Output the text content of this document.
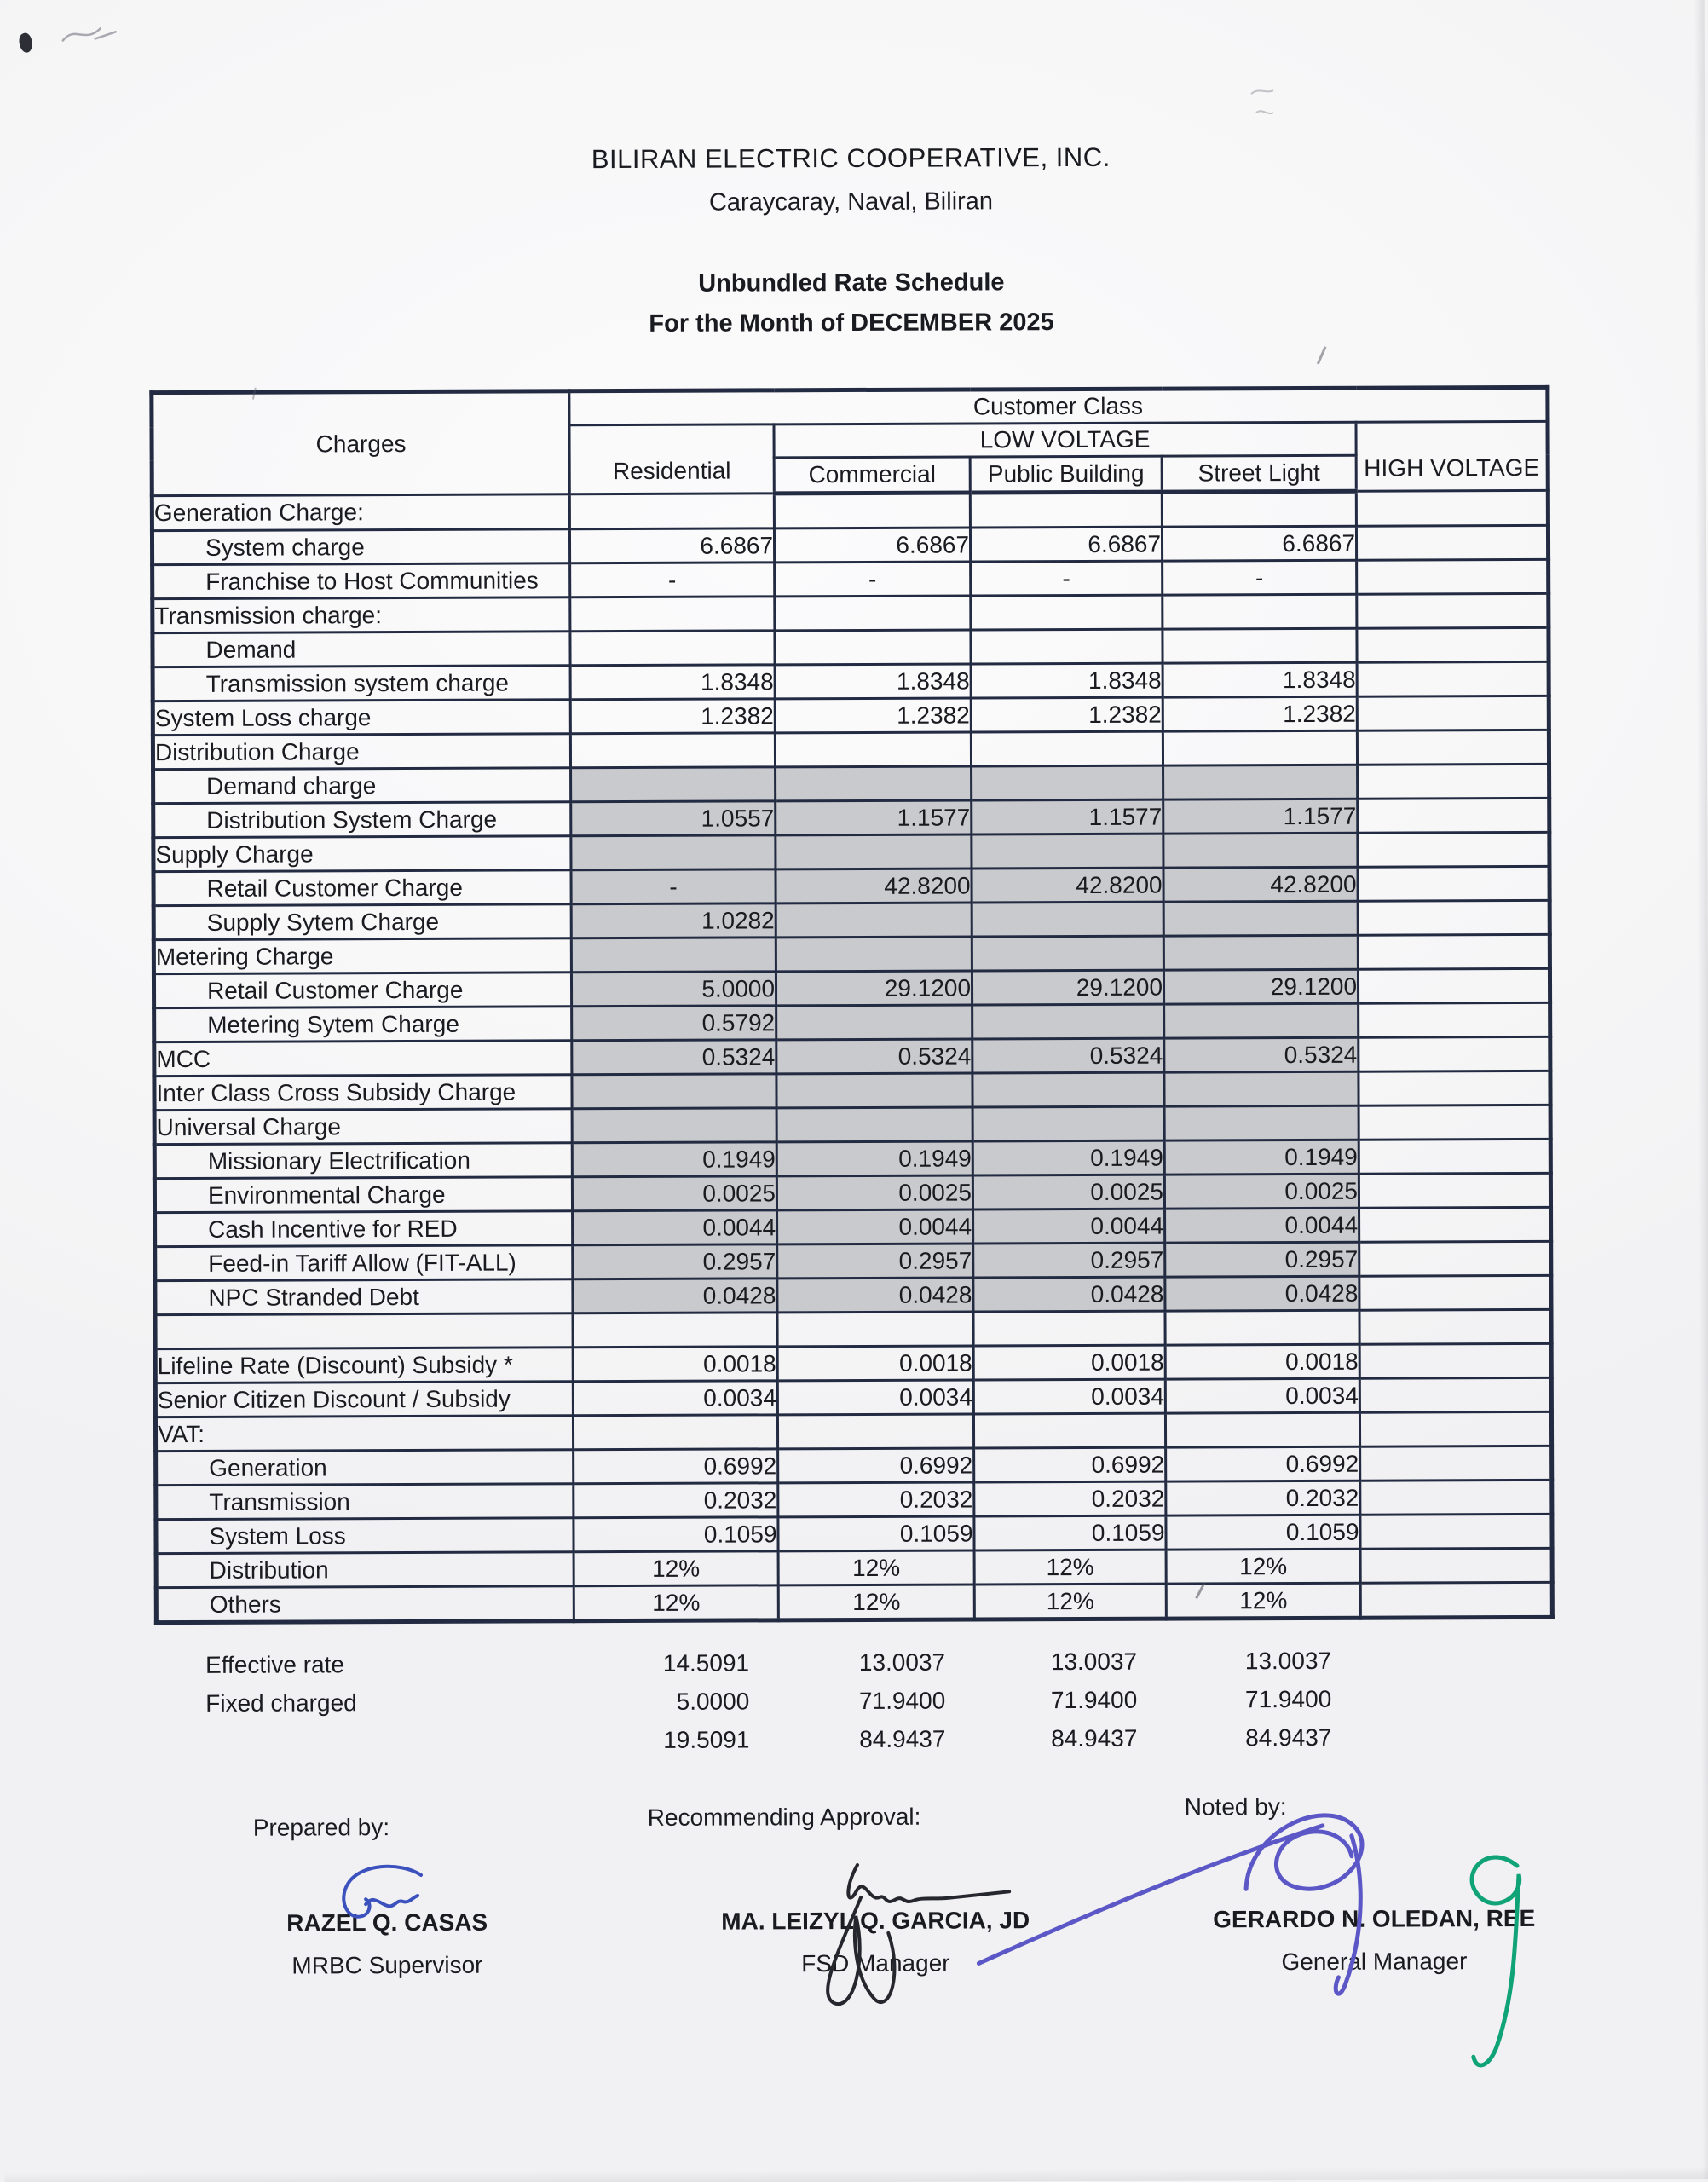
BILIRAN ELECTRIC COOPERATIVE, INC.
Caraycaray, Naval, Biliran
Unbundled Rate Schedule
For the Month of DECEMBER 2025
Charges	Customer Class				
	Residential	LOW VOLTAGE			HIGH VOLTAGE
		Commercial	Public Building	Street Light	
Generation Charge:					
System charge	6.6867	6.6867	6.6867	6.6867	
Franchise to Host Communities	-	-	-	-	
Transmission charge:					
Demand					
Transmission system charge	1.8348	1.8348	1.8348	1.8348	
System Loss charge	1.2382	1.2382	1.2382	1.2382	
Distribution Charge					
Demand charge					
Distribution System Charge	1.0557	1.1577	1.1577	1.1577	
Supply Charge					
Retail Customer Charge	-	42.8200	42.8200	42.8200	
Supply Sytem Charge	1.0282				
Metering Charge					
Retail Customer Charge	5.0000	29.1200	29.1200	29.1200	
Metering Sytem Charge	0.5792				
MCC	0.5324	0.5324	0.5324	0.5324	
Inter Class Cross Subsidy Charge					
Universal Charge					
Missionary Electrification	0.1949	0.1949	0.1949	0.1949	
Environmental Charge	0.0025	0.0025	0.0025	0.0025	
Cash Incentive for RED	0.0044	0.0044	0.0044	0.0044	
Feed-in Tariff Allow (FIT-ALL)	0.2957	0.2957	0.2957	0.2957	
NPC Stranded Debt	0.0428	0.0428	0.0428	0.0428	

Lifeline Rate (Discount) Subsidy *	0.0018	0.0018	0.0018	0.0018	
Senior Citizen Discount / Subsidy	0.0034	0.0034	0.0034	0.0034	
VAT:					
Generation	0.6992	0.6992	0.6992	0.6992	
Transmission	0.2032	0.2032	0.2032	0.2032	
System Loss	0.1059	0.1059	0.1059	0.1059	
Distribution	12%	12%	12%	12%	
Others	12%	12%	12%	12%	
Effective rate	14.5091	13.0037	13.0037	13.0037
Fixed charged	5.0000	71.9400	71.9400	71.9400
19.5091	84.9437	84.9437	84.9437
Prepared by:
RAZEL Q. CASAS
MRBC Supervisor
Recommending Approval:
MA. LEIZYL Q. GARCIA, JD
FSD Manager
Noted by:
GERARDO N. OLEDAN, REE
General Manager
